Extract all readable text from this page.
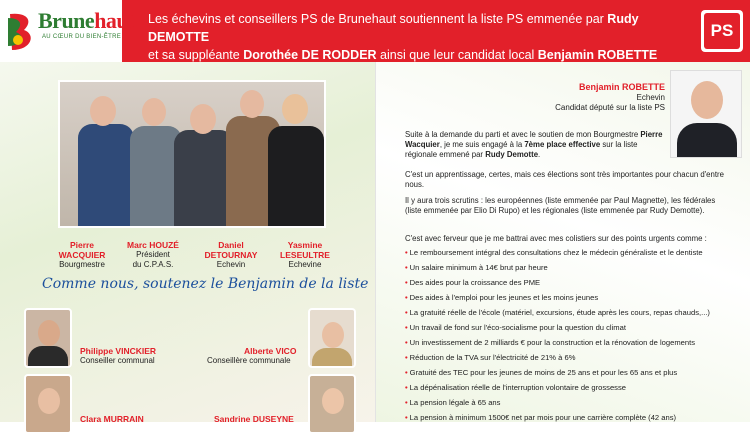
Brunehaut
AU CŒUR DU BIEN-ÊTRE
Les échevins et conseillers PS de Brunehaut soutiennent la liste PS emmenée par Rudy DEMOTTE
et sa suppléante Dorothée DE RODDER ainsi que leur candidat local Benjamin ROBETTE
PS
Pierre
WACQUIER
Bourgmestre
Marc HOUZÉ
Président
du C.P.A.S.
Daniel
DETOURNAY
Echevin
Yasmine
LESEULTRE
Echevine
Comme nous, soutenez le Benjamin de la liste
Philippe VINCKIER
Conseiller communal
Alberte VICO
Conseillère communale
Clara MURRAIN	Sandrine DUSEYNE
Benjamin ROBETTE
Echevin
Candidat député sur la liste PS
Suite à la demande du parti et avec le soutien de mon Bourgmestre Pierre Wacquier, je me suis engagé à la 7ème place effective sur la liste régionale emmené par Rudy Demotte.
C'est un apprentissage, certes, mais ces élections sont très importantes pour chacun d'entre nous.
Il y aura trois scrutins : les européennes (liste emmenée par Paul Magnette), les fédérales (liste emmenée par Elio Di Rupo) et les régionales (liste emmenée par Rudy Demotte).
C'est avec ferveur que je me battrai avec mes colistiers sur des points urgents comme :
• Le remboursement intégral des consultations chez le médecin généraliste et le dentiste
• Un salaire minimum à 14€ brut par heure
• Des aides pour la croissance des PME
• Des aides à l'emploi pour les jeunes et les moins jeunes
• La gratuité réelle de l'école (matériel, excursions, étude après les cours, repas chauds,...)
• Un travail de fond sur l'éco-socialisme pour la question du climat
• Un investissement de 2 milliards € pour la construction et la rénovation de logements
• Réduction de la TVA sur l'électricité de 21% à 6%
• Gratuité des TEC pour les jeunes de moins de 25 ans et pour les 65 ans et plus
• La dépénalisation réelle de l'interruption volontaire de grossesse
• La pension légale à 65 ans
• La pension à minimum 1500€ net par mois pour une carrière complète (42 ans)
